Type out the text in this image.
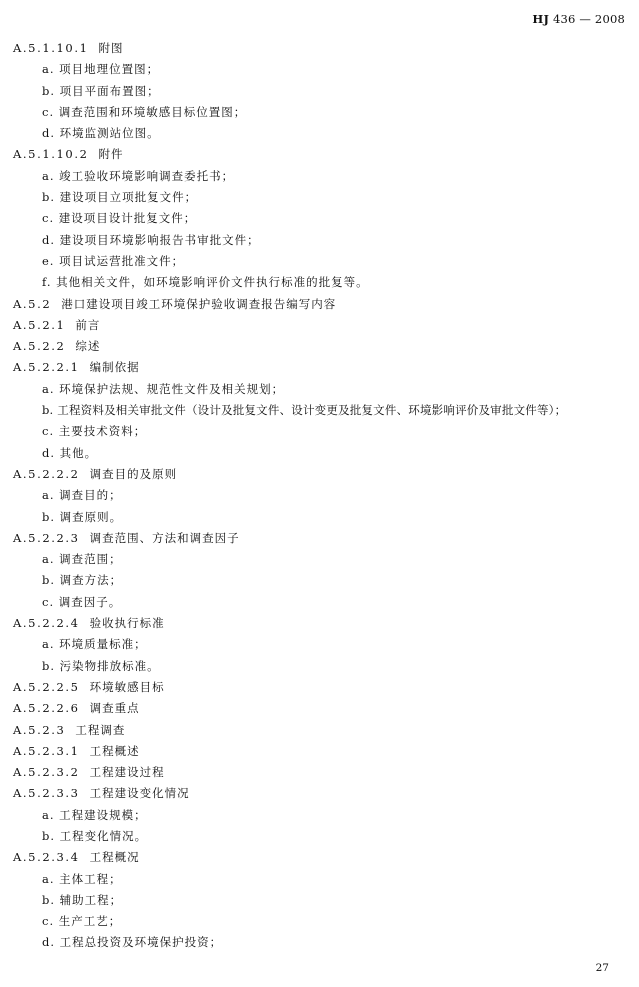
HJ 436 — 2008
A.5.1.10.1 附图
a. 项目地理位置图；
b. 项目平面布置图；
c. 调查范围和环境敏感目标位置图；
d. 环境监测站位图。
A.5.1.10.2 附件
a. 竣工验收环境影响调查委托书；
b. 建设项目立项批复文件；
c. 建设项目设计批复文件；
d. 建设项目环境影响报告书审批文件；
e. 项目试运营批准文件；
f. 其他相关文件，如环境影响评价文件执行标准的批复等。
A.5.2 港口建设项目竣工环境保护验收调查报告编写内容
A.5.2.1 前言
A.5.2.2 综述
A.5.2.2.1 编制依据
a. 环境保护法规、规范性文件及相关规划；
b. 工程资料及相关审批文件（设计及批复文件、设计变更及批复文件、环境影响评价及审批文件等）；
c. 主要技术资料；
d. 其他。
A.5.2.2.2 调查目的及原则
a. 调查目的；
b. 调查原则。
A.5.2.2.3 调查范围、方法和调查因子
a. 调查范围；
b. 调查方法；
c. 调查因子。
A.5.2.2.4 验收执行标准
a. 环境质量标准；
b. 污染物排放标准。
A.5.2.2.5 环境敏感目标
A.5.2.2.6 调查重点
A.5.2.3 工程调查
A.5.2.3.1 工程概述
A.5.2.3.2 工程建设过程
A.5.2.3.3 工程建设变化情况
a. 工程建设规模；
b. 工程变化情况。
A.5.2.3.4 工程概况
a. 主体工程；
b. 辅助工程；
c. 生产工艺；
d. 工程总投资及环境保护投资；
27
